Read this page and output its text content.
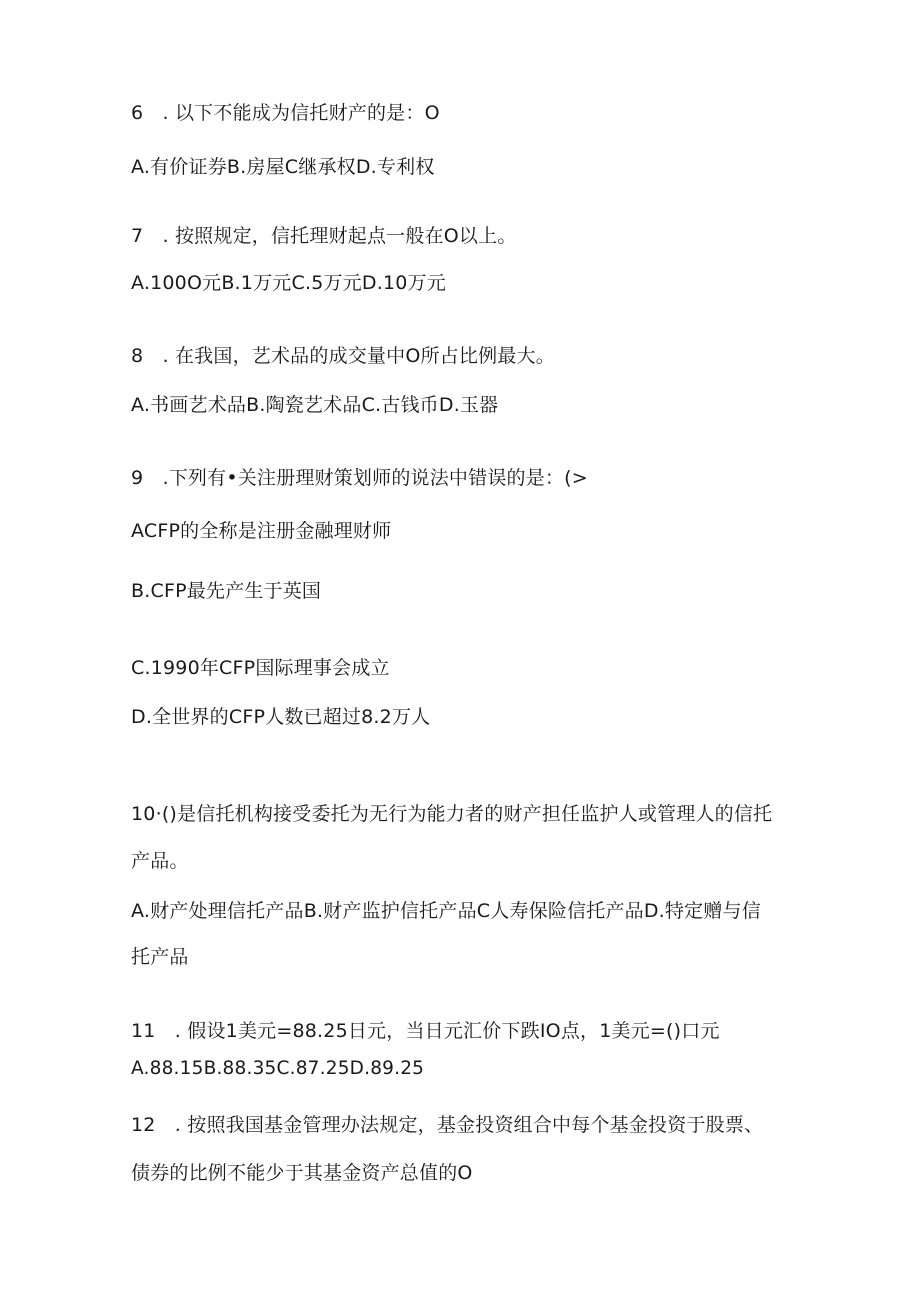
6　. 以下不能成为信托财产的是：O
A.有价证券B.房屋C继承权D.专利权
7　. 按照规定，信托理财起点一般在O以上。
A.100O元B.1万元C.5万元D.10万元
8　. 在我国，艺术品的成交量中O所占比例最大。
A.书画艺术品B.陶瓷艺术品C.古钱币D.玉器
9　.下列有•关注册理财策划师的说法中错误的是：(>
ACFP的全称是注册金融理财师
B.CFP最先产生于英国
C.1990年CFP国际理事会成立
D.全世界的CFP人数已超过8.2万人
10·()是信托机构接受委托为无行为能力者的财产担任监护人或管理人的信托
产品。
A.财产处理信托产品B.财产监护信托产品C人寿保险信托产品D.特定赠与信
托产品
11　. 假设1美元=88.25日元，当日元汇价下跌IO点，1美元=()口元
A.88.15B.88.35C.87.25D.89.25
12　. 按照我国基金管理办法规定，基金投资组合中每个基金投资于股票、
债券的比例不能少于其基金资产总值的O
